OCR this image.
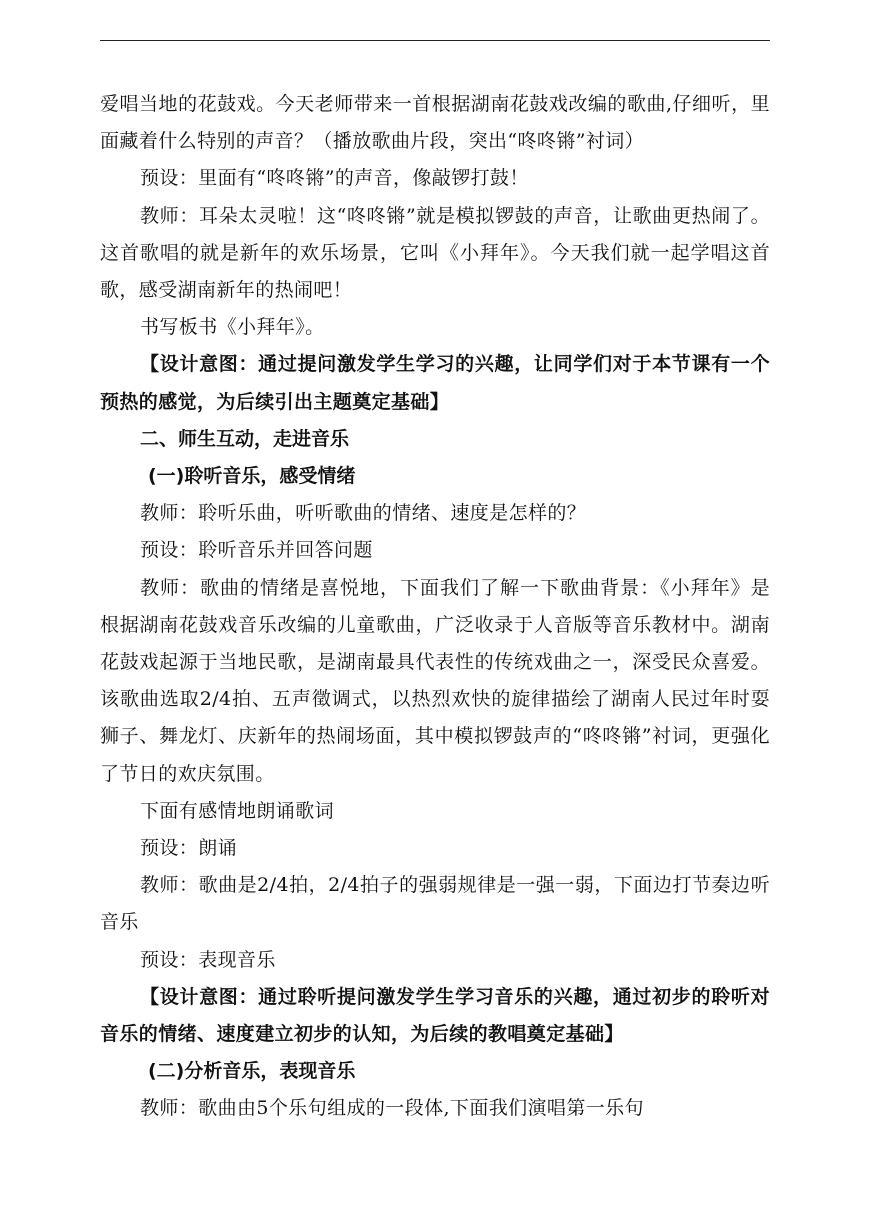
爱唱当地的花鼓戏。今天老师带来一首根据湖南花鼓戏改编的歌曲,仔细听，里面藏着什么特别的声音？（播放歌曲片段，突出“咚咚锵”衬词）

预设：里面有“咚咚锵”的声音，像敲锣打鼓！

教师：耳朵太灵啦！这“咚咚锵”就是模拟锣鼓的声音，让歌曲更热闹了。这首歌唱的就是新年的欢乐场景，它叫《小拜年》。今天我们就一起学唱这首歌，感受湖南新年的热闹吧！

书写板书《小拜年》。

【设计意图：通过提问激发学生学习的兴趣，让同学们对于本节课有一个预热的感觉，为后续引出主题奠定基础】

二、师生互动，走进音乐

(一)聆听音乐，感受情绪

教师：聆听乐曲，听听歌曲的情绪、速度是怎样的？

预设：聆听音乐并回答问题

教师：歌曲的情绪是喜悦地，下面我们了解一下歌曲背景：《小拜年》是根据湖南花鼓戏音乐改编的儿童歌曲，广泛收录于人音版等音乐教材中。湖南花鼓戏起源于当地民歌，是湖南最具代表性的传统戏曲之一，深受民众喜爱。该歌曲选取2/4拍、五声徵调式，以热烈欢快的旋律描绘了湖南人民过年时耍狮子、舞龙灯、庆新年的热闹场面，其中模拟锣鼓声的“咚咚锵”衬词，更强化了节日的欢庆氛围。

下面有感情地朗诵歌词

预设：朗诵

教师：歌曲是2/4拍，2/4拍子的强弱规律是一强一弱，下面边打节奏边听音乐

预设：表现音乐

【设计意图：通过聆听提问激发学生学习音乐的兴趣，通过初步的聆听对音乐的情绪、速度建立初步的认知，为后续的教唱奠定基础】

(二)分析音乐，表现音乐

教师：歌曲由5个乐句组成的一段体,下面我们演唱第一乐句
